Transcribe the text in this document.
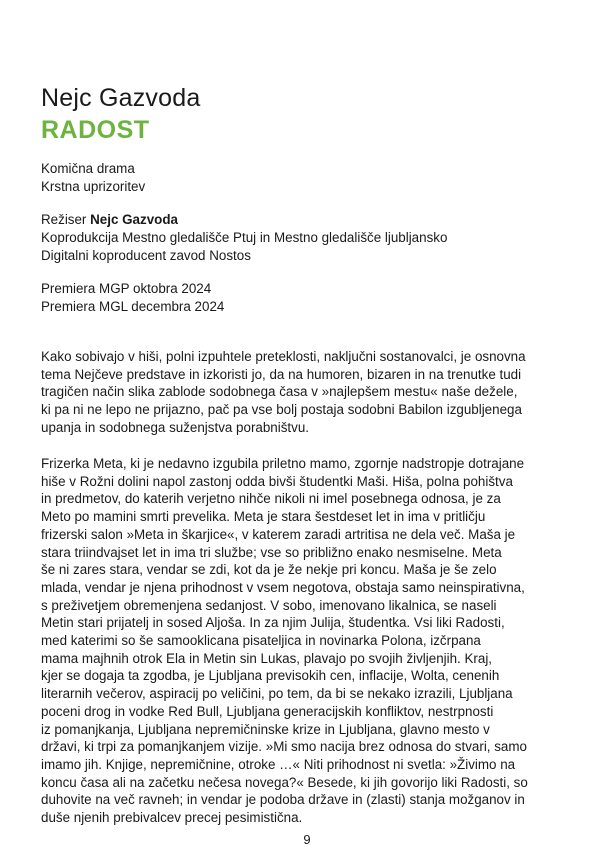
Nejc Gazvoda
RADOST
Komična drama
Krstna uprizoritev
Režiser Nejc Gazvoda
Koprodukcija Mestno gledališče Ptuj in Mestno gledališče ljubljansko
Digitalni koproducent zavod Nostos
Premiera MGP oktobra 2024
Premiera MGL decembra 2024
Kako sobivajo v hiši, polni izpuhtele preteklosti, naključni sostanovalci, je osnovna
tema Nejčeve predstave in izkoristi jo, da na humoren, bizaren in na trenutke tudi
tragičen način slika zablode sodobnega časa v »najlepšem mestu« naše deželе,
ki pa ni ne lepo ne prijazno, pač pa vse bolj postaja sodobni Babilon izgubljenega
upanja in sodobnega suženjstva porabništvu.
Frizerka Meta, ki je nedavno izgubila priletno mamo, zgornje nadstropje dotrajane
hiše v Rožni dolini napol zastonj odda bivši študentki Maši. Hiša, polna pohištva
in predmetov, do katerih verjetno nihče nikoli ni imel posebnega odnosa, je za
Meto po mamini smrti prevelika. Meta je stara šestdeset let in ima v pritličju
frizerski salon »Meta in škarjice«, v katerem zaradi artritisa ne dela več. Maša je
stara triindvajset let in ima tri službe; vse so približno enako nesmiselne. Meta
še ni zares stara, vendar se zdi, kot da je že nekje pri koncu. Maša je še zelo
mlada, vendar je njena prihodnost v vsem negotova, obstaja samo neinspirativna,
s preživetjem obremenjena sedanjost. V sobo, imenovano likalnica, se naseli
Metin stari prijatelj in sosed Aljoša. In za njim Julija, študentka. Vsi liki Radosti,
med katerimi so še samooklicana pisateljica in novinarka Polona, izčrpana
mama majhnih otrok Ela in Metin sin Lukas, plavajo po svojih življenjih. Kraj,
kjer se dogaja ta zgodba, je Ljubljana previsokih cen, inflacije, Wolta, cenenih
literarnih večerov, aspiracij po veličini, po tem, da bi se nekako izrazili, Ljubljana
poceni drog in vodke Red Bull, Ljubljana generacijskih konfliktov, nestrpnosti
iz pomanjkanja, Ljubljana nepremičninske krize in Ljubljana, glavno mesto v
državi, ki trpi za pomanjkanjem vizije. »Mi smo nacija brez odnosa do stvari, samo
imamo jih. Knjige, nepremičnine, otroke …« Niti prihodnost ni svetla: »Živimo na
koncu časa ali na začetku nečesa novega?« Besede, ki jih govorijo liki Radosti, so
duhovite na več ravneh; in vendar je podoba države in (zlasti) stanja možganov in
duše njenih prebivalcev precej pesimistična.
9
